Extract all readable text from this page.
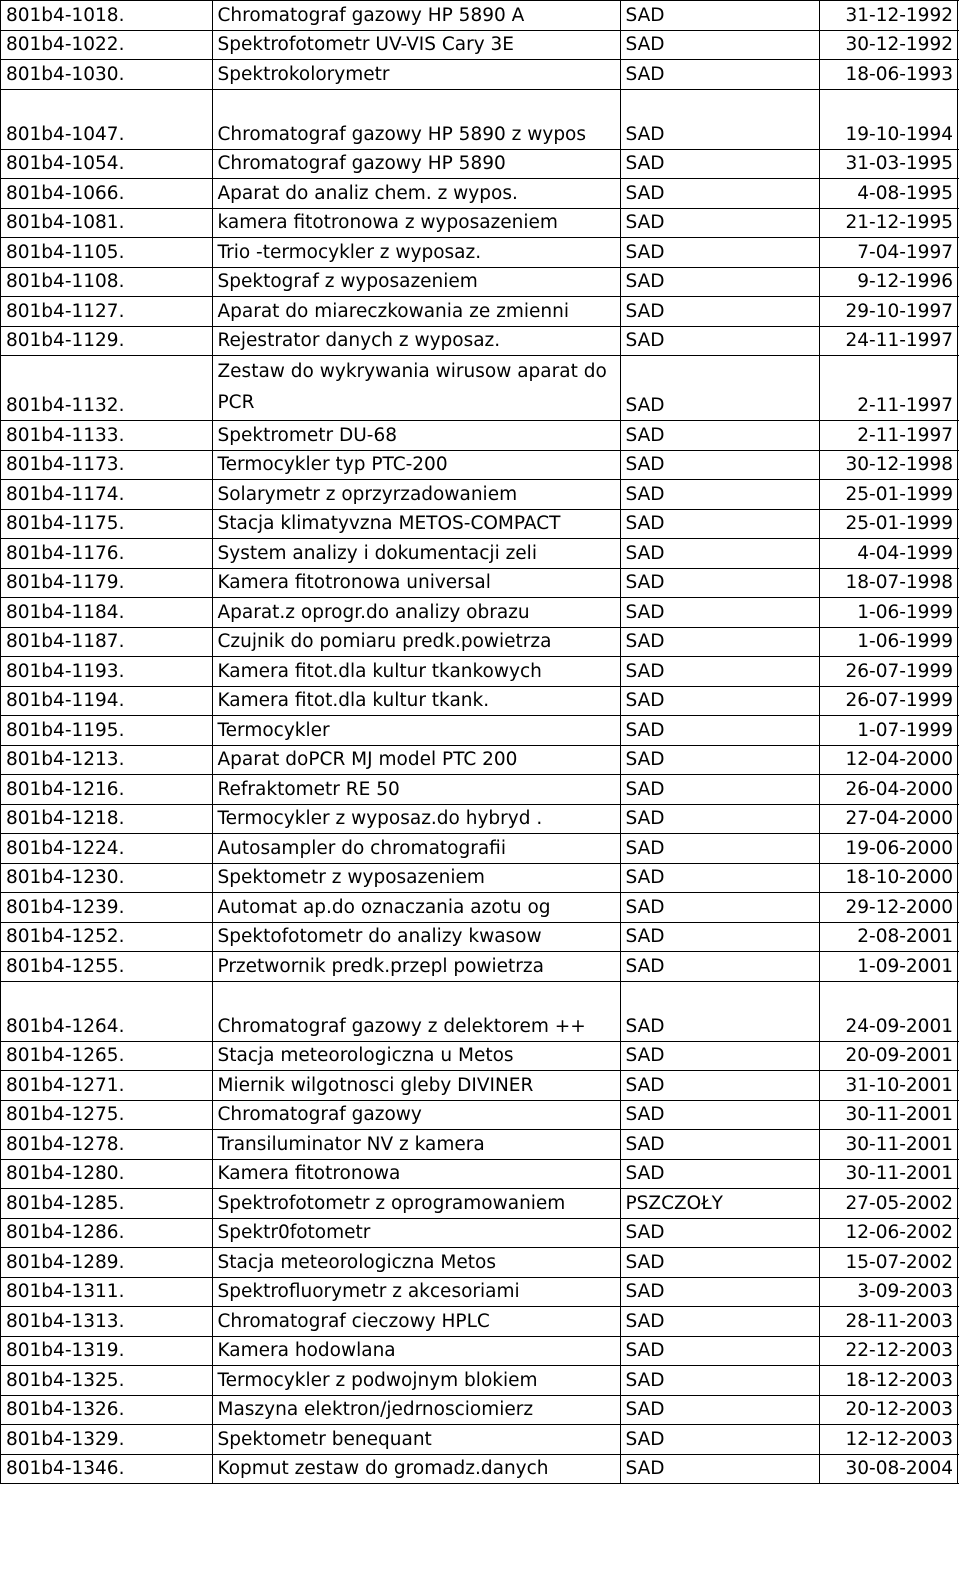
801b4-1018.	Chromatograf gazowy HP 5890 A	SAD	31-12-1992
801b4-1022.	Spektrofotometr UV-VIS Cary 3E	SAD	30-12-1992
801b4-1030.	Spektrokolorymetr	SAD	18-06-1993
801b4-1047.	Chromatograf gazowy HP 5890 z wypos	SAD	19-10-1994
801b4-1054.	Chromatograf gazowy HP 5890	SAD	31-03-1995
801b4-1066.	Aparat do analiz chem. z wypos.	SAD	4-08-1995
801b4-1081.	kamera fitotronowa z wyposazeniem	SAD	21-12-1995
801b4-1105.	Trio -termocykler z wyposaz.	SAD	7-04-1997
801b4-1108.	Spektograf z wyposazeniem	SAD	9-12-1996
801b4-1127.	Aparat do miareczkowania ze zmienni	SAD	29-10-1997
801b4-1129.	Rejestrator danych z wyposaz.	SAD	24-11-1997
801b4-1132.	Zestaw do wykrywania wirusow aparat do PCR	SAD	2-11-1997
801b4-1133.	Spektrometr DU-68	SAD	2-11-1997
801b4-1173.	Termocykler typ PTC-200	SAD	30-12-1998
801b4-1174.	Solarymetr z oprzyrzadowaniem	SAD	25-01-1999
801b4-1175.	Stacja klimatyvzna METOS-COMPACT	SAD	25-01-1999
801b4-1176.	System analizy i dokumentacji zeli	SAD	4-04-1999
801b4-1179.	Kamera fitotronowa universal	SAD	18-07-1998
801b4-1184.	Aparat.z oprogr.do analizy obrazu	SAD	1-06-1999
801b4-1187.	Czujnik do pomiaru predk.powietrza	SAD	1-06-1999
801b4-1193.	Kamera fitot.dla kultur tkankowych	SAD	26-07-1999
801b4-1194.	Kamera fitot.dla kultur tkank.	SAD	26-07-1999
801b4-1195.	Termocykler	SAD	1-07-1999
801b4-1213.	Aparat doPCR MJ model PTC 200	SAD	12-04-2000
801b4-1216.	Refraktometr RE 50	SAD	26-04-2000
801b4-1218.	Termocykler z wyposaz.do hybryd .	SAD	27-04-2000
801b4-1224.	Autosampler do chromatografii	SAD	19-06-2000
801b4-1230.	Spektometr z wyposazeniem	SAD	18-10-2000
801b4-1239.	Automat ap.do oznaczania azotu og	SAD	29-12-2000
801b4-1252.	Spektofotometr do analizy kwasow	SAD	2-08-2001
801b4-1255.	Przetwornik predk.przepl powietrza	SAD	1-09-2001
801b4-1264.	Chromatograf gazowy z delektorem ++	SAD	24-09-2001
801b4-1265.	Stacja meteorologiczna u Metos	SAD	20-09-2001
801b4-1271.	Miernik wilgotnosci gleby DIVINER	SAD	31-10-2001
801b4-1275.	Chromatograf gazowy	SAD	30-11-2001
801b4-1278.	Transiluminator NV z kamera	SAD	30-11-2001
801b4-1280.	Kamera fitotronowa	SAD	30-11-2001
801b4-1285.	Spektrofotometr z oprogramowaniem	PSZCZOŁY	27-05-2002
801b4-1286.	Spektr0fotometr	SAD	12-06-2002
801b4-1289.	Stacja meteorologiczna Metos	SAD	15-07-2002
801b4-1311.	Spektrofluorymetr z akcesoriami	SAD	3-09-2003
801b4-1313.	Chromatograf cieczowy HPLC	SAD	28-11-2003
801b4-1319.	Kamera hodowlana	SAD	22-12-2003
801b4-1325.	Termocykler z podwojnym blokiem	SAD	18-12-2003
801b4-1326.	Maszyna elektron/jedrnosciomierz	SAD	20-12-2003
801b4-1329.	Spektometr benequant	SAD	12-12-2003
801b4-1346.	Kopmut zestaw do gromadz.danych	SAD	30-08-2004
